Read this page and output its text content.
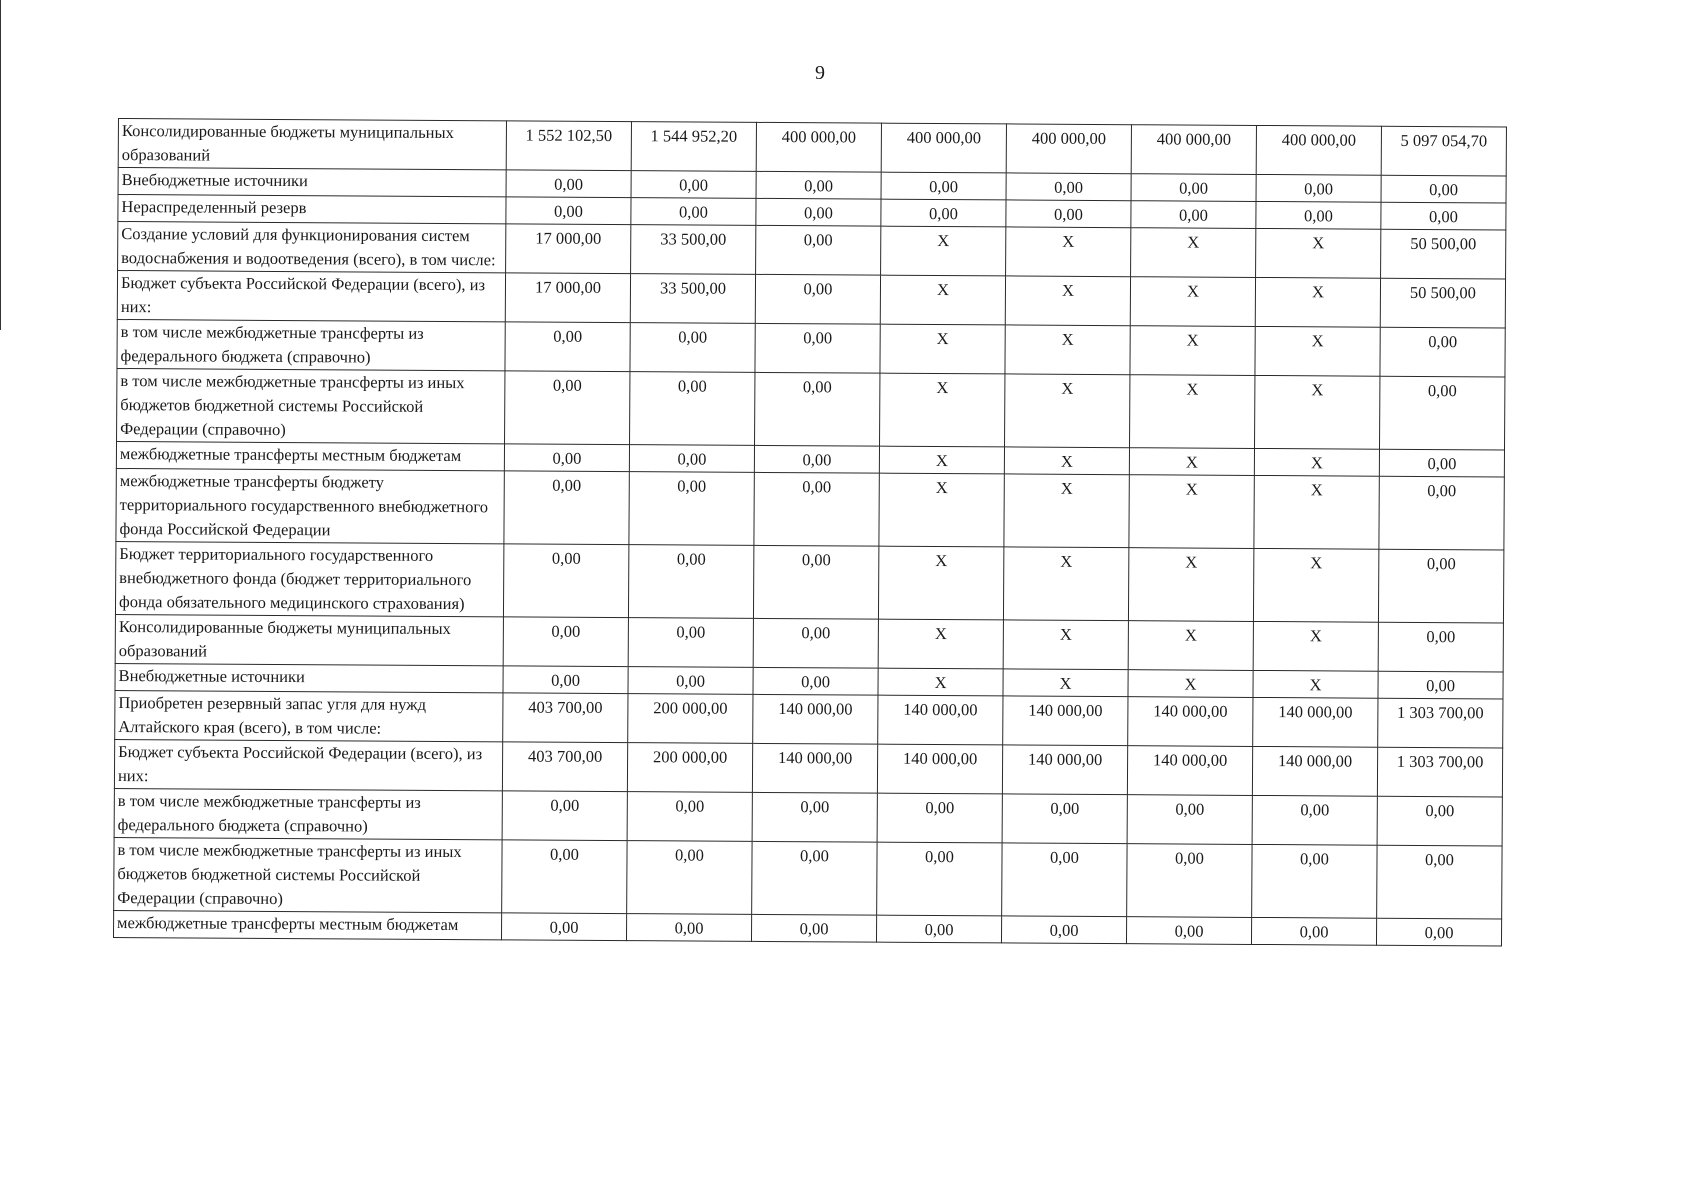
9
Консолидированные бюджеты муниципальных образований	1 552 102,50	1 544 952,20	400 000,00	400 000,00	400 000,00	400 000,00	400 000,00	5 097 054,70
Внебюджетные источники	0,00	0,00	0,00	0,00	0,00	0,00	0,00	0,00
Нераспределенный резерв	0,00	0,00	0,00	0,00	0,00	0,00	0,00	0,00
Создание условий для функционирования систем водоснабжения и водоотведения (всего), в том числе:	17 000,00	33 500,00	0,00	X	X	X	X	50 500,00
Бюджет субъекта Российской Федерации (всего), из них:	17 000,00	33 500,00	0,00	X	X	X	X	50 500,00
в том числе межбюджетные трансферты из федерального бюджета (справочно)	0,00	0,00	0,00	X	X	X	X	0,00
в том числе межбюджетные трансферты из иных бюджетов бюджетной системы Российской Федерации (справочно)	0,00	0,00	0,00	X	X	X	X	0,00
межбюджетные трансферты местным бюджетам	0,00	0,00	0,00	X	X	X	X	0,00
межбюджетные трансферты бюджету территориального государственного внебюджетного фонда Российской Федерации	0,00	0,00	0,00	X	X	X	X	0,00
Бюджет территориального государственного внебюджетного фонда (бюджет территориального фонда обязательного медицинского страхования)	0,00	0,00	0,00	X	X	X	X	0,00
Консолидированные бюджеты муниципальных образований	0,00	0,00	0,00	X	X	X	X	0,00
Внебюджетные источники	0,00	0,00	0,00	X	X	X	X	0,00
Приобретен резервный запас угля для нужд Алтайского края (всего), в том числе:	403 700,00	200 000,00	140 000,00	140 000,00	140 000,00	140 000,00	140 000,00	1 303 700,00
Бюджет субъекта Российской Федерации (всего), из них:	403 700,00	200 000,00	140 000,00	140 000,00	140 000,00	140 000,00	140 000,00	1 303 700,00
в том числе межбюджетные трансферты из федерального бюджета (справочно)	0,00	0,00	0,00	0,00	0,00	0,00	0,00	0,00
в том числе межбюджетные трансферты из иных бюджетов бюджетной системы Российской Федерации (справочно)	0,00	0,00	0,00	0,00	0,00	0,00	0,00	0,00
межбюджетные трансферты местным бюджетам	0,00	0,00	0,00	0,00	0,00	0,00	0,00	0,00
